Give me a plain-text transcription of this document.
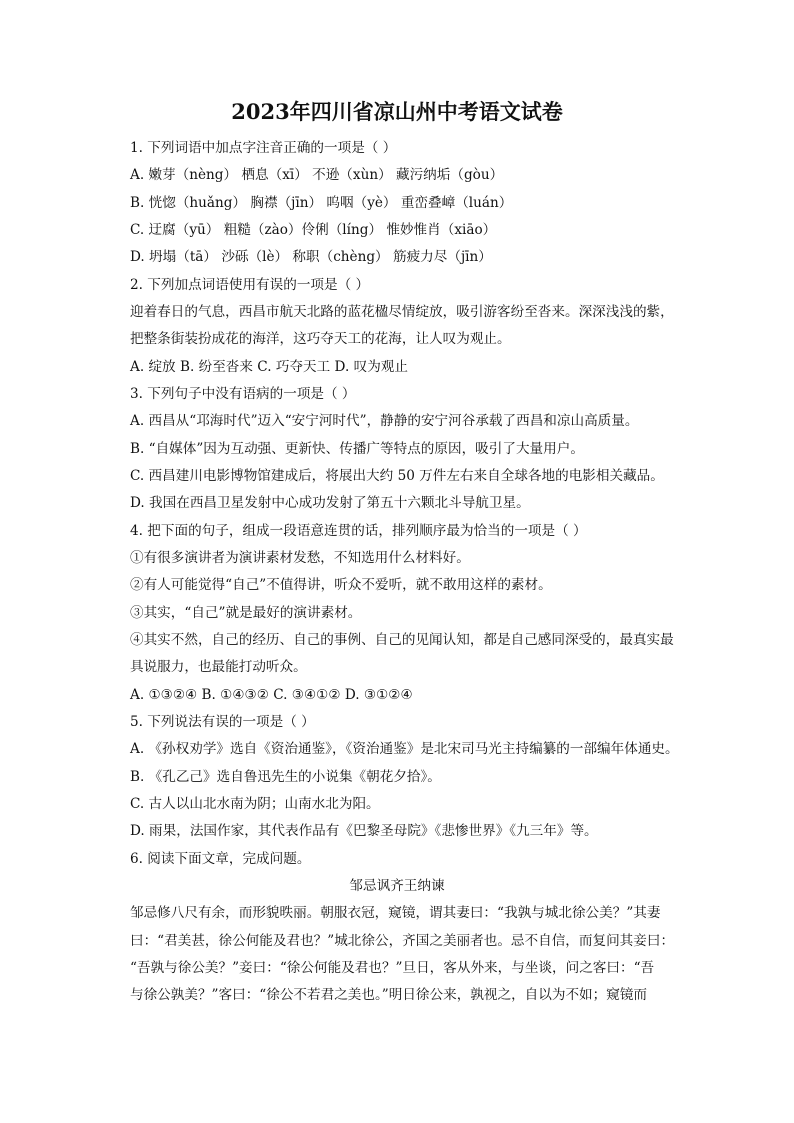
2023年四川省凉山州中考语文试卷
1. 下列词语中加点字注音正确的一项是（ ）
A. 嫩芽（nèng） 栖息（xī） 不逊（xùn） 藏污纳垢（gòu）
B. 恍惚（huǎng） 胸襟（jīn） 呜咽（yè） 重峦叠嶂（luán）
C. 迂腐（yū） 粗糙（zào）伶俐（líng） 惟妙惟肖（xiāo）
D. 坍塌（tā） 沙砾（lè） 称职（chèng） 筋疲力尽（jīn）
2. 下列加点词语使用有误的一项是（ ）
迎着春日的气息，西昌市航天北路的蓝花楹尽情绽放，吸引游客纷至沓来。深深浅浅的紫，
把整条街装扮成花的海洋，这巧夺天工的花海，让人叹为观止。
A. 绽放 B. 纷至沓来 C. 巧夺天工 D. 叹为观止
3. 下列句子中没有语病的一项是（ ）
A. 西昌从“邛海时代”迈入“安宁河时代”，静静的安宁河谷承载了西昌和凉山高质量。
B. “自媒体”因为互动强、更新快、传播广等特点的原因，吸引了大量用户。
C. 西昌建川电影博物馆建成后，将展出大约 50 万件左右来自全球各地的电影相关藏品。
D. 我国在西昌卫星发射中心成功发射了第五十六颗北斗导航卫星。
4. 把下面的句子，组成一段语意连贯的话，排列顺序最为恰当的一项是（ ）
①有很多演讲者为演讲素材发愁，不知选用什么材料好。
②有人可能觉得“自己”不值得讲，听众不爱听，就不敢用这样的素材。
③其实，“自己”就是最好的演讲素材。
④其实不然，自己的经历、自己的事例、自己的见闻认知，都是自己感同深受的，最真实最
具说服力，也最能打动听众。
A. ①③②④ B. ①④③② C. ③④①② D. ③①②④
5. 下列说法有误的一项是（ ）
A. 《孙权劝学》选自《资治通鉴》，《资治通鉴》是北宋司马光主持编纂的一部编年体通史。
B. 《孔乙己》选自鲁迅先生的小说集《朝花夕拾》。
C. 古人以山北水南为阴；山南水北为阳。
D. 雨果，法国作家，其代表作品有《巴黎圣母院》《悲惨世界》《九三年》等。
6. 阅读下面文章，完成问题。
邹忌讽齐王纳谏
邹忌修八尺有余，而形貌昳丽。朝服衣冠，窥镜，谓其妻曰：“我孰与城北徐公美？”其妻
曰：“君美甚，徐公何能及君也？”城北徐公，齐国之美丽者也。忌不自信，而复问其妾曰：
“吾孰与徐公美？”妾曰：“徐公何能及君也？”旦日，客从外来，与坐谈，问之客曰：“吾
与徐公孰美？”客曰：“徐公不若君之美也。”明日徐公来，孰视之，自以为不如；窥镜而
